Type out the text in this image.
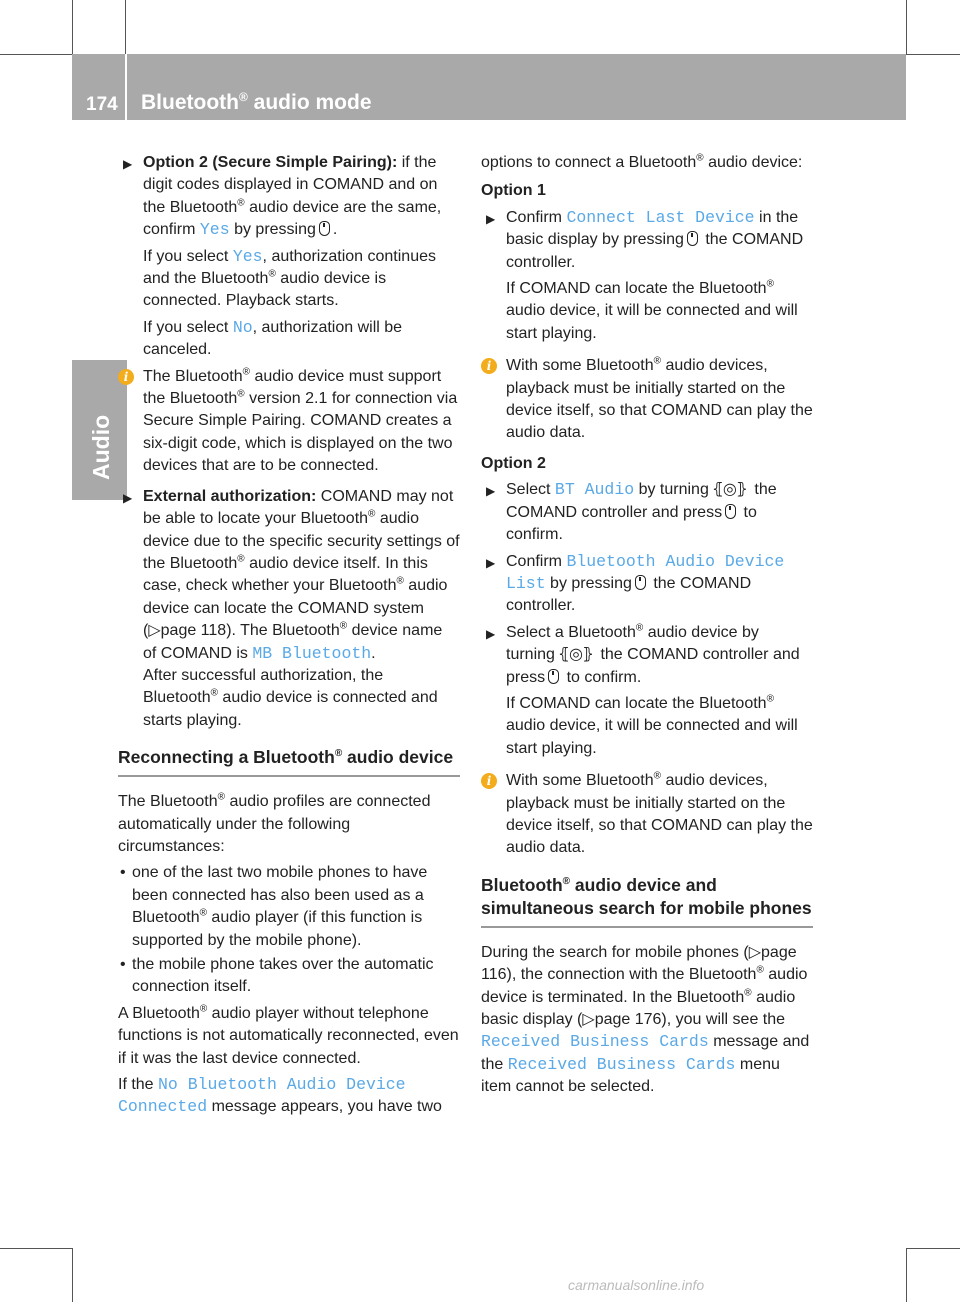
174 Bluetooth® audio mode
Audio
▶ Option 2 (Secure Simple Pairing): if the digit codes displayed in COMAND and on the Bluetooth® audio device are the same, confirm Yes by pressing .
If you select Yes, authorization continues and the Bluetooth® audio device is connected. Playback starts.
If you select No, authorization will be canceled.
i The Bluetooth® audio device must support the Bluetooth® version 2.1 for connection via Secure Simple Pairing. COMAND creates a six-digit code, which is displayed on the two devices that are to be connected.
▶ External authorization: COMAND may not be able to locate your Bluetooth® audio device due to the specific security settings of the Bluetooth® audio device itself. In this case, check whether your Bluetooth® audio device can locate the COMAND system (▷page 118). The Bluetooth® device name of COMAND is MB Bluetooth.
After successful authorization, the Bluetooth® audio device is connected and starts playing.
Reconnecting a Bluetooth® audio device

The Bluetooth® audio profiles are connected automatically under the following circumstances:

• one of the last two mobile phones to have been connected has also been used as a Bluetooth® audio player (if this function is supported by the mobile phone).
• the mobile phone takes over the automatic connection itself.

A Bluetooth® audio player without telephone functions is not automatically reconnected, even if it was the last device connected.

If the No Bluetooth Audio Device Connected message appears, you have two

options to connect a Bluetooth® audio device:

Option 1
▶ Confirm Connect Last Device in the basic display by pressing the COMAND controller.
If COMAND can locate the Bluetooth® audio device, it will be connected and will start playing.
i With some Bluetooth® audio devices, playback must be initially started on the device itself, so that COMAND can play the audio data.
Option 2
▶ Select BT Audio by turning ⦃◎⦄ the COMAND controller and press to confirm.
▶ Confirm Bluetooth Audio Device List by pressing the COMAND controller.
▶ Select a Bluetooth® audio device by turning ⦃◎⦄ the COMAND controller and press to confirm.
If COMAND can locate the Bluetooth® audio device, it will be connected and will start playing.
i With some Bluetooth® audio devices, playback must be initially started on the device itself, so that COMAND can play the audio data.
Bluetooth® audio device and simultaneous search for mobile phones

During the search for mobile phones (▷page 116), the connection with the Bluetooth® audio device is terminated. In the Bluetooth® audio basic display (▷page 176), you will see the Received Business Cards message and the Received Business Cards menu item cannot be selected.

carmanualsonline.info
